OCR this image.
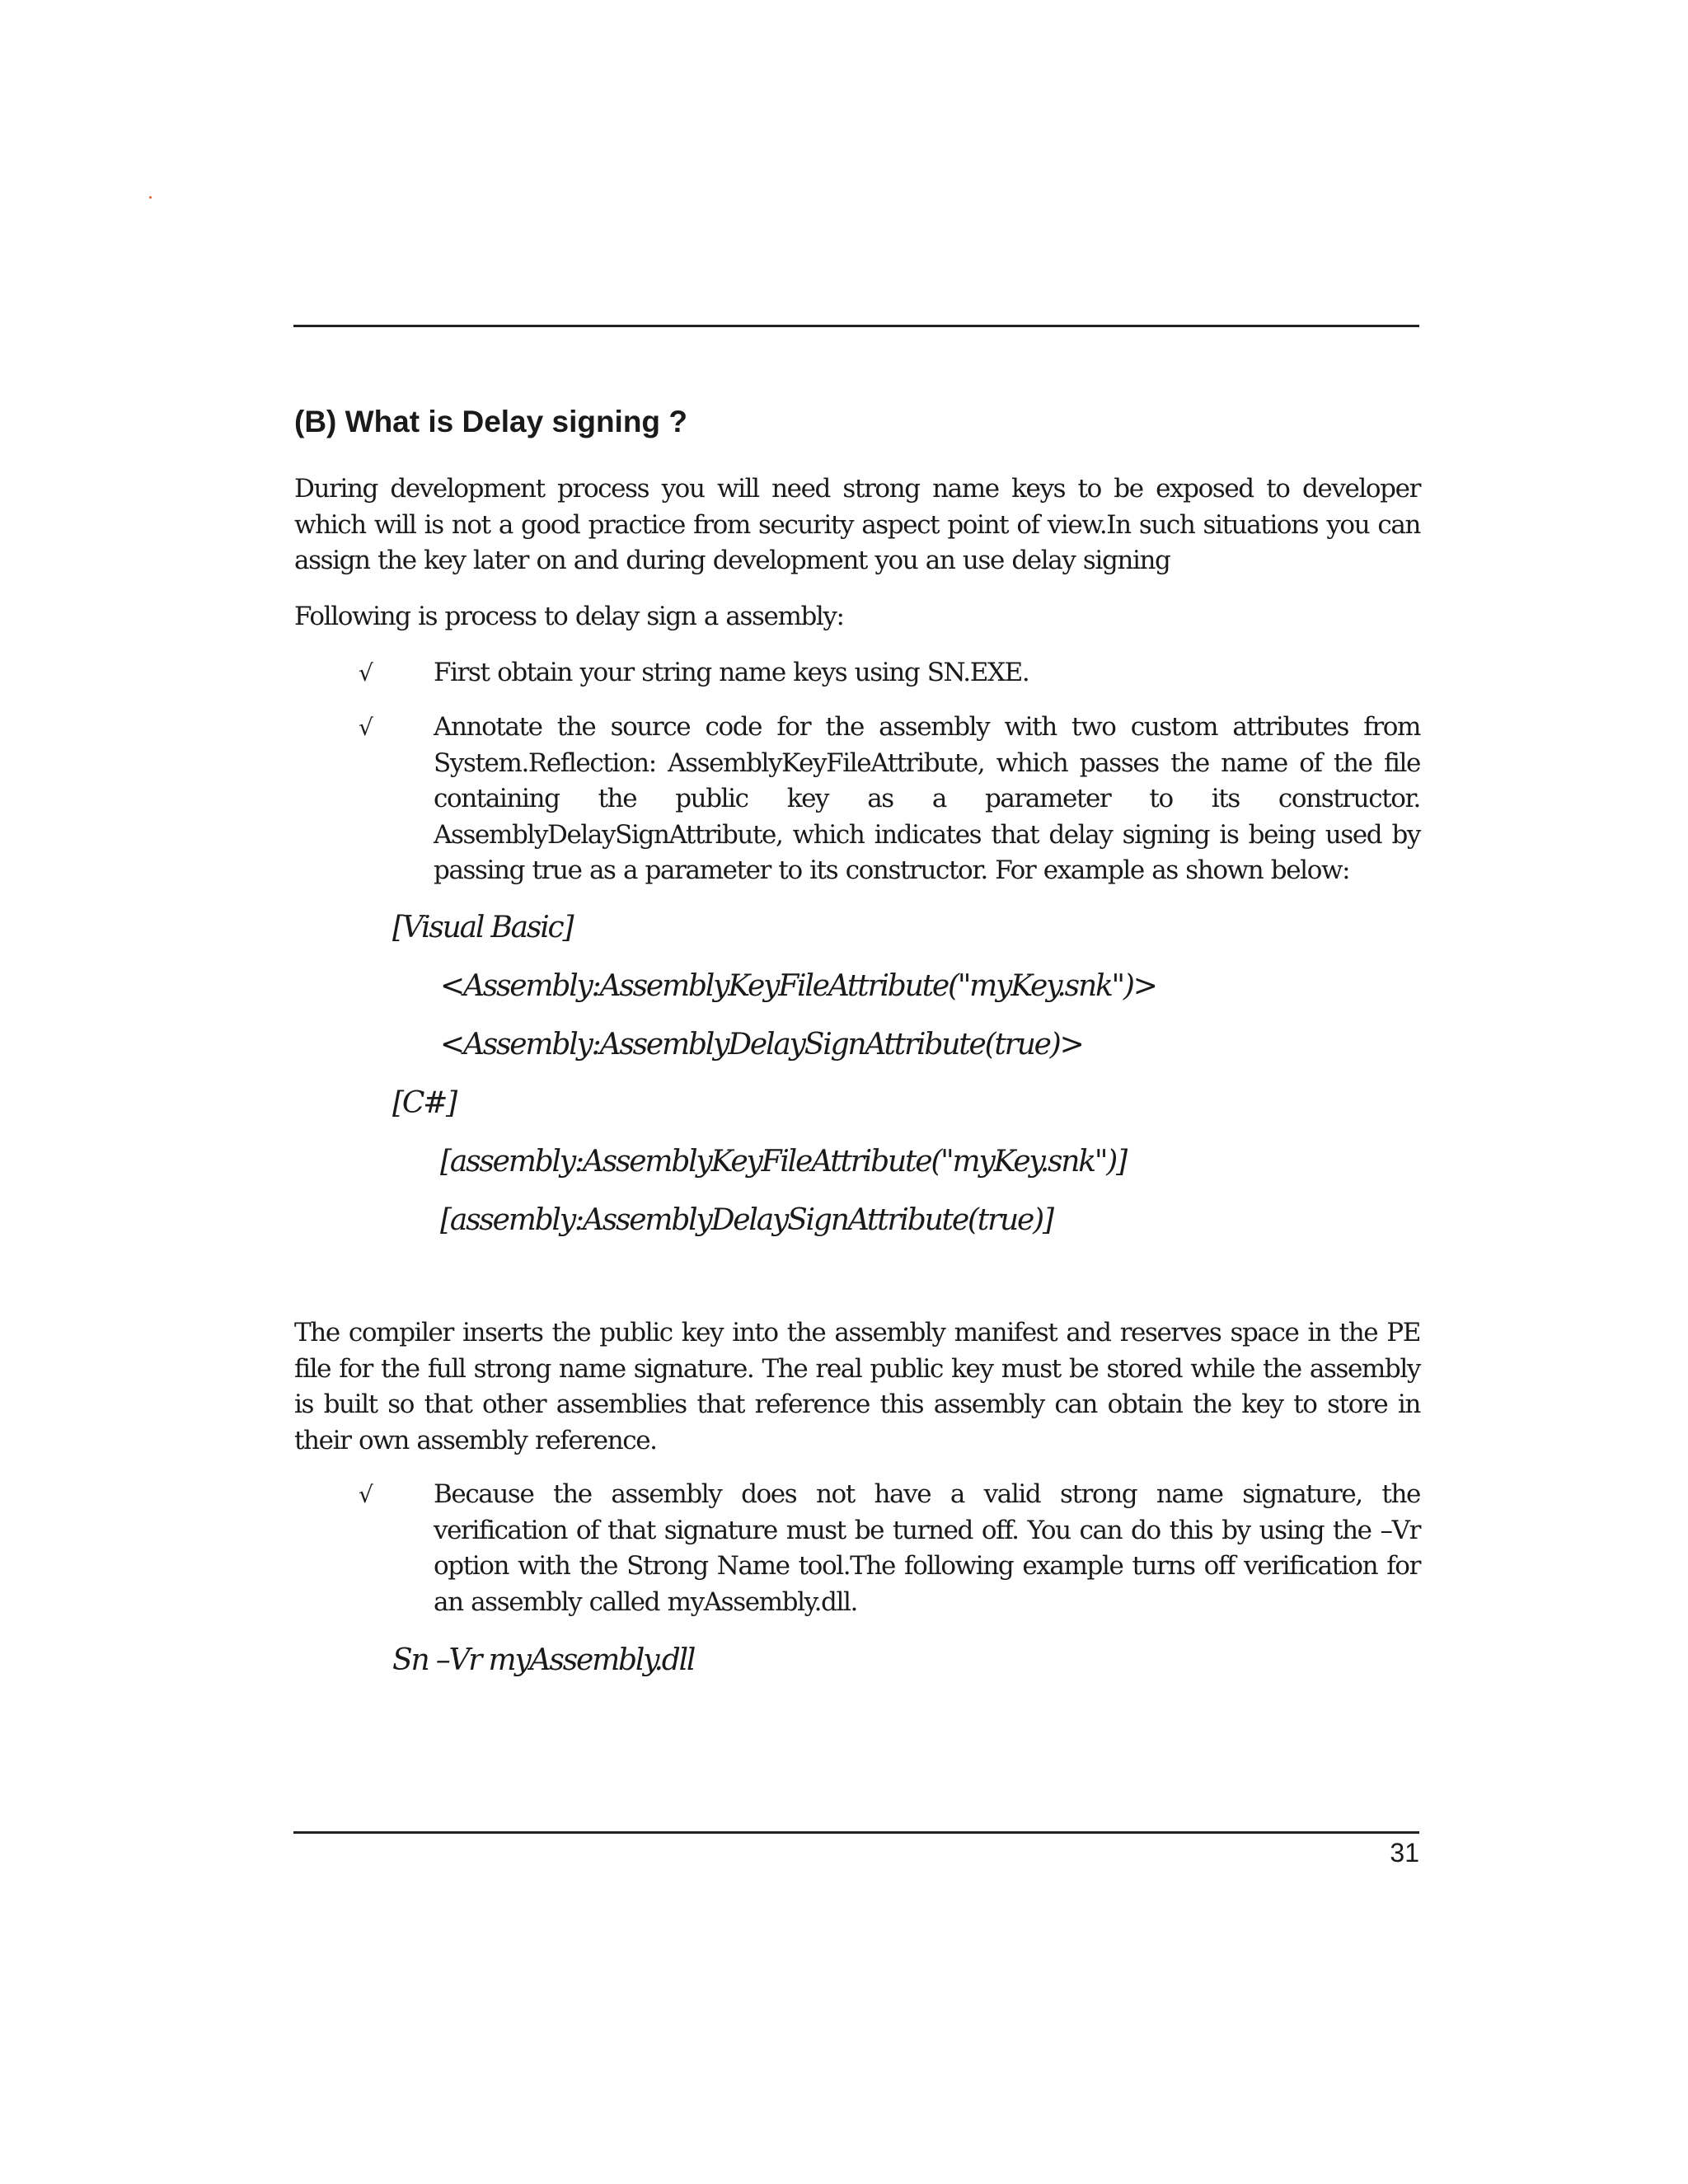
(B) What is Delay signing ?

During development process you will need strong name keys to be exposed to developer which will is not a good practice from security aspect point of view.In such situations you can assign the key later on and during development you an use delay signing

Following is process to delay sign a assembly:

√ First obtain your string name keys using SN.EXE.

√ Annotate the source code for the assembly with two custom attributes from System.Reflection: AssemblyKeyFileAttribute, which passes the name of the file containing the public key as a parameter to its constructor. AssemblyDelaySignAttribute, which indicates that delay signing is being used by passing true as a parameter to its constructor. For example as shown below:

[Visual Basic]

<Assembly:AssemblyKeyFileAttribute("myKey.snk")>

<Assembly:AssemblyDelaySignAttribute(true)>

[C#]

[assembly:AssemblyKeyFileAttribute("myKey.snk")]

[assembly:AssemblyDelaySignAttribute(true)]

The compiler inserts the public key into the assembly manifest and reserves space in the PE file for the full strong name signature. The real public key must be stored while the assembly is built so that other assemblies that reference this assembly can obtain the key to store in their own assembly reference.

√ Because the assembly does not have a valid strong name signature, the verification of that signature must be turned off. You can do this by using the –Vr option with the Strong Name tool.The following example turns off verification for an assembly called myAssembly.dll.

Sn –Vr myAssembly.dll

31
